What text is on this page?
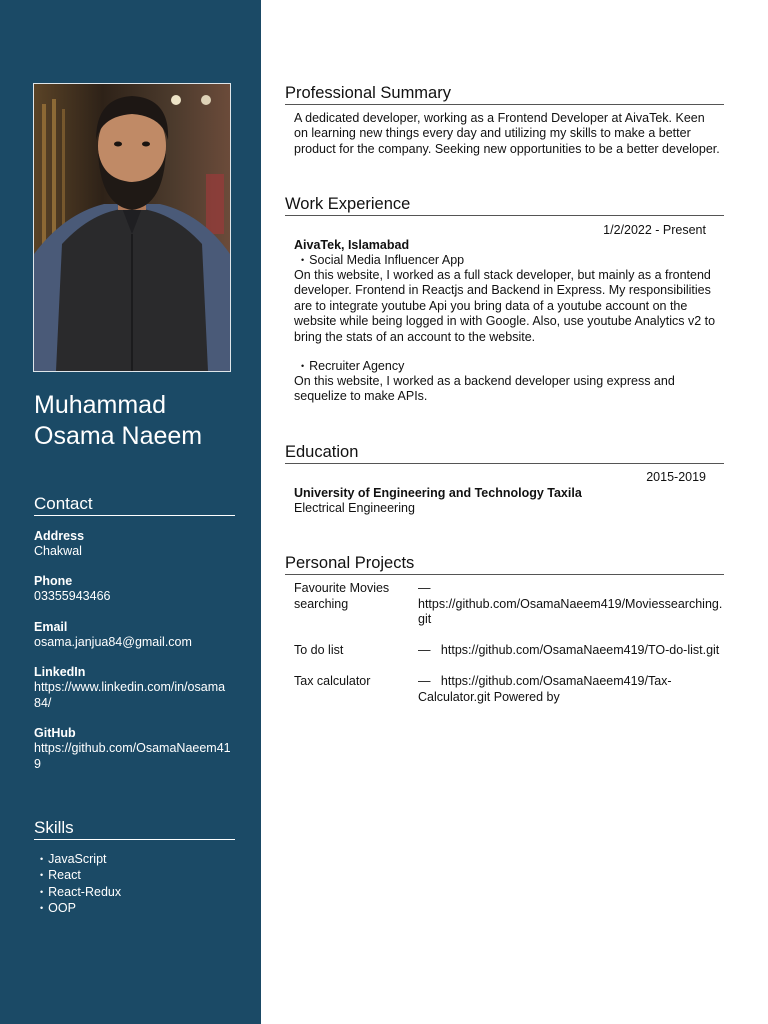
Muhammad
Osama Naeem
Contact
Address
Chakwal
Phone
03355943466
Email
osama.janjua84@gmail.com
LinkedIn
https://www.linkedin.com/in/osama
84/
GitHub
https://github.com/OsamaNaeem41
9
Skills
• JavaScript
• React
• React-Redux
• OOP
Professional Summary

A dedicated developer, working as a Frontend Developer at AivaTek. Keen on learning new things every day and utilizing my skills to make a better product for the company. Seeking new opportunities to be a better developer.

Work Experience
1/2/2022 - Present
AivaTek, Islamabad
• Social Media Influencer App

On this website, I worked as a full stack developer, but mainly as a frontend developer. Frontend in Reactjs and Backend in Express. My responsibilities are to integrate youtube Api you bring data of a youtube account on the website while being logged in with Google. Also, use youtube Analytics v2 to bring the stats of an account to the website.

• Recruiter Agency

On this website, I worked as a backend developer using express and sequelize to make APIs.

Education
2015-2019
University of Engineering and Technology Taxila
Electrical Engineering
Personal Projects
Favourite Movies
searching
—
https://github.com/OsamaNaeem419/Moviessearching.
git
To do list	— https://github.com/OsamaNaeem419/TO-do-list.git
Tax calculator	— https://github.com/OsamaNaeem419/Tax-
Calculator.git Powered by
